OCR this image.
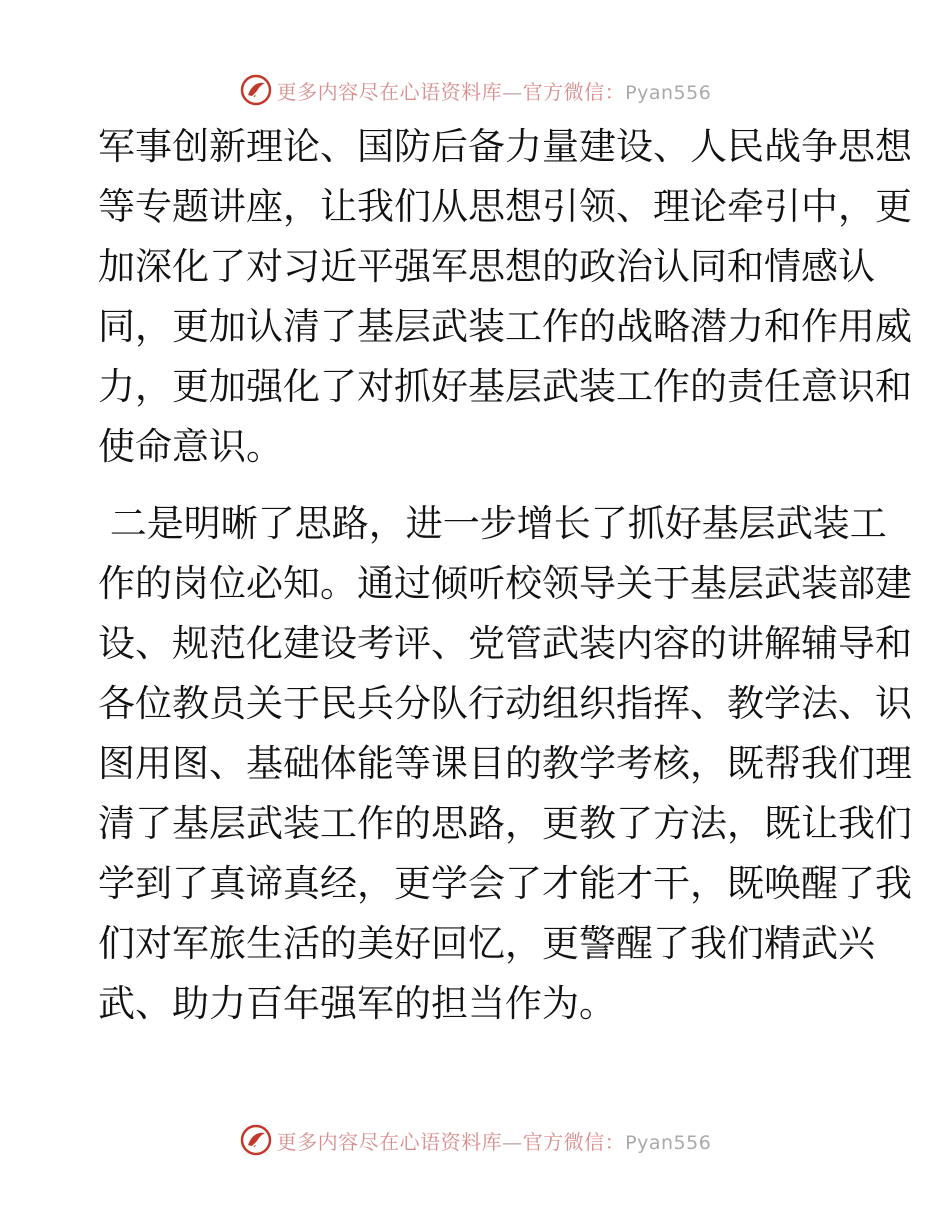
更多内容尽在心语资料库—官方微信：Pyan556
军事创新理论、国防后备力量建设、人民战争思想
等专题讲座，让我们从思想引领、理论牵引中，更
加深化了对习近平强军思想的政治认同和情感认
同，更加认清了基层武装工作的战略潜力和作用威
力，更加强化了对抓好基层武装工作的责任意识和
使命意识。
二是明晰了思路，进一步增长了抓好基层武装工
作的岗位必知。通过倾听校领导关于基层武装部建
设、规范化建设考评、党管武装内容的讲解辅导和
各位教员关于民兵分队行动组织指挥、教学法、识
图用图、基础体能等课目的教学考核，既帮我们理
清了基层武装工作的思路，更教了方法，既让我们
学到了真谛真经，更学会了才能才干，既唤醒了我
们对军旅生活的美好回忆，更警醒了我们精武兴
武、助力百年强军的担当作为。
更多内容尽在心语资料库—官方微信：Pyan556
